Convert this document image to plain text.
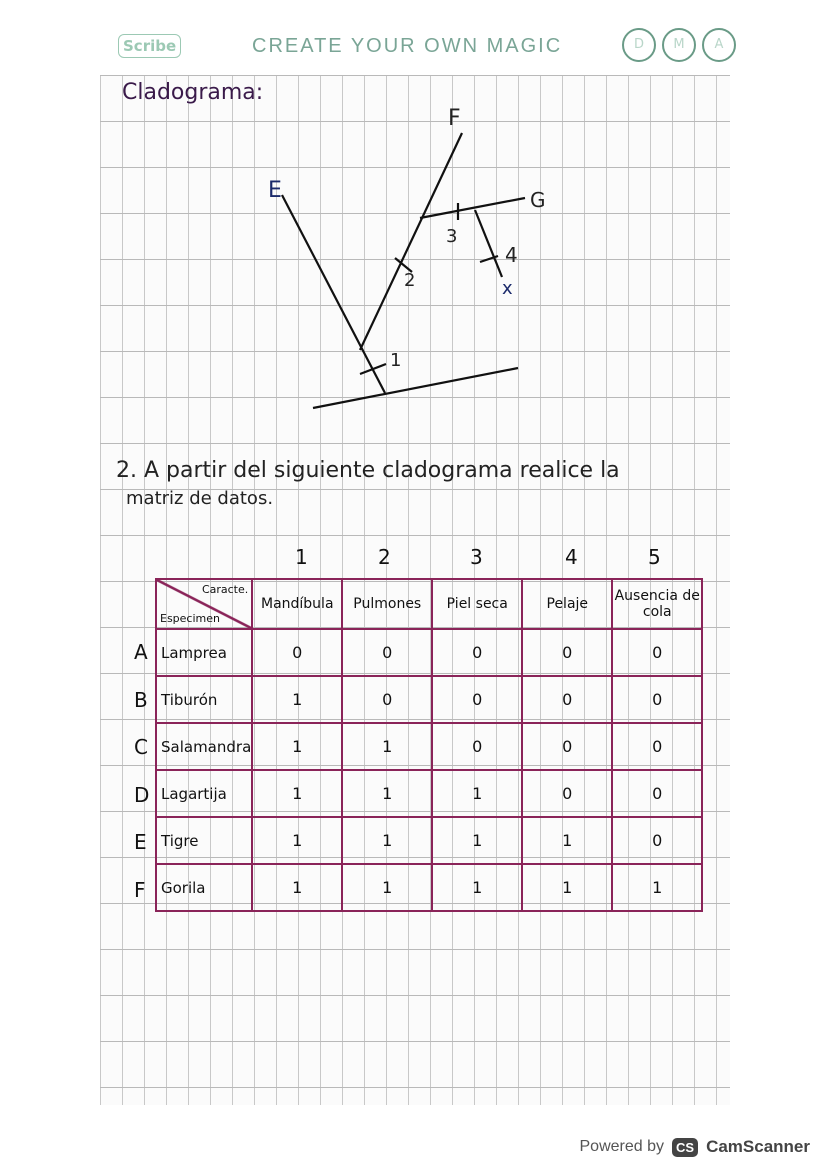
Scribe	CREATE YOUR OWN MAGIC	D	M	A
Cladograma:
E
F
G
x
1
2
3
4
2. A partir del siguiente cladograma realice la
matriz de datos.
1	2	3	4	5
Caracte.
Especimen	Mandíbula	Pulmones	Piel seca	Pelaje	Ausencia de cola
Lamprea	0	0	0	0	0
Tiburón	1	0	0	0	0
Salamandra	1	1	0	0	0
Lagartija	1	1	1	0	0
Tigre	1	1	1	1	0
Gorila	1	1	1	1	1
A
B
C
D
E
F
Powered by CS CamScanner
